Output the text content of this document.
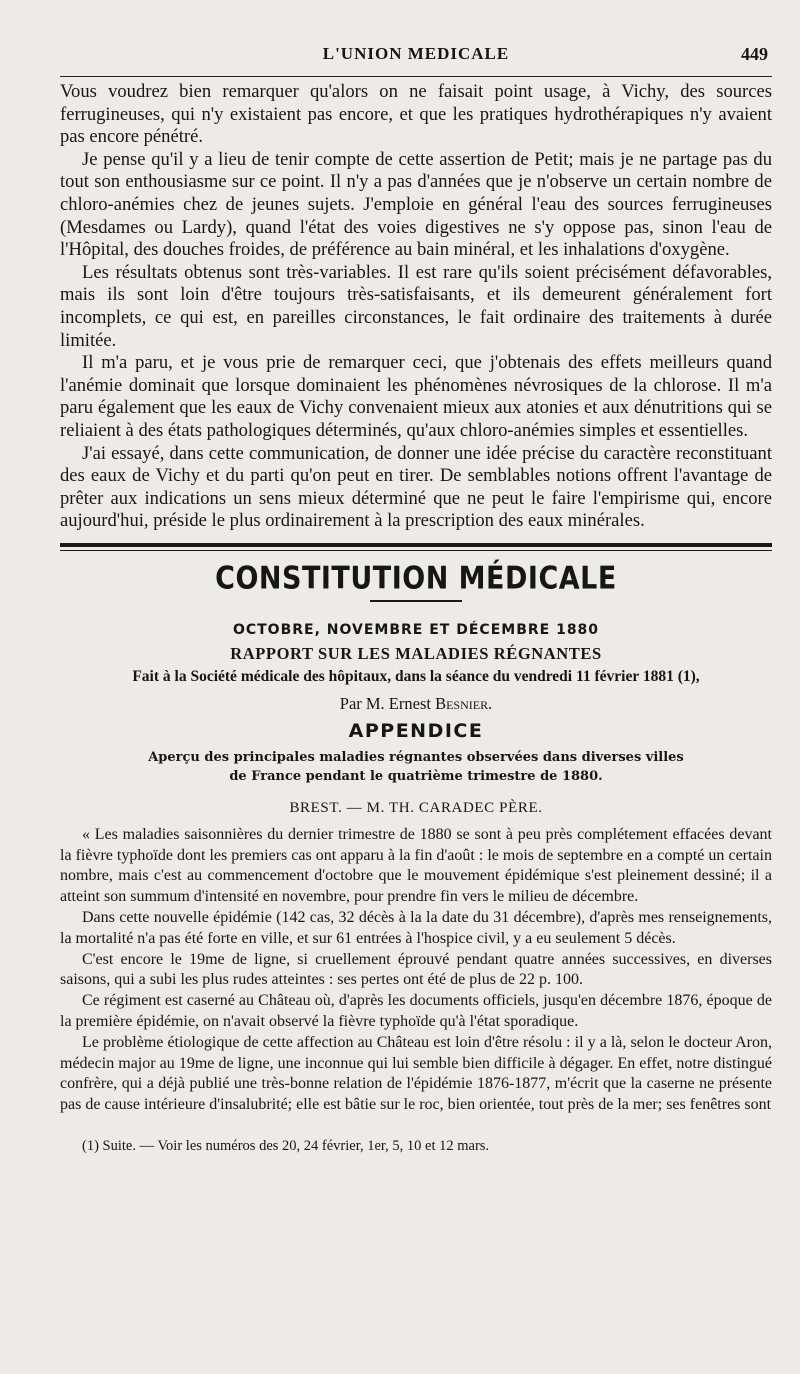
L'UNION MEDICALE	449

Vous voudrez bien remarquer qu'alors on ne faisait point usage, à Vichy, des sources ferrugineuses, qui n'y existaient pas encore, et que les pratiques hydrothérapiques n'y avaient pas encore pénétré.

Je pense qu'il y a lieu de tenir compte de cette assertion de Petit; mais je ne partage pas du tout son enthousiasme sur ce point. Il n'y a pas d'années que je n'observe un certain nombre de chloro-anémies chez de jeunes sujets. J'emploie en général l'eau des sources ferrugineuses (Mesdames ou Lardy), quand l'état des voies digestives ne s'y oppose pas, sinon l'eau de l'Hôpital, des douches froides, de préférence au bain minéral, et les inhalations d'oxygène.

Les résultats obtenus sont très-variables. Il est rare qu'ils soient précisément défavorables, mais ils sont loin d'être toujours très-satisfaisants, et ils demeurent généralement fort incomplets, ce qui est, en pareilles circonstances, le fait ordinaire des traitements à durée limitée.

Il m'a paru, et je vous prie de remarquer ceci, que j'obtenais des effets meilleurs quand l'anémie dominait que lorsque dominaient les phénomènes névrosiques de la chlorose. Il m'a paru également que les eaux de Vichy convenaient mieux aux atonies et aux dénutritions qui se reliaient à des états pathologiques déterminés, qu'aux chloro-anémies simples et essentielles.

J'ai essayé, dans cette communication, de donner une idée précise du caractère reconstituant des eaux de Vichy et du parti qu'on peut en tirer. De semblables notions offrent l'avantage de prêter aux indications un sens mieux déterminé que ne peut le faire l'empirisme qui, encore aujourd'hui, préside le plus ordinairement à la prescription des eaux minérales.

CONSTITUTION MÉDICALE
OCTOBRE, NOVEMBRE ET DÉCEMBRE 1880
RAPPORT SUR LES MALADIES RÉGNANTES
Fait à la Société médicale des hôpitaux, dans la séance du vendredi 11 février 1881 (1),
Par M. Ernest Besnier.
APPENDICE
Aperçu des principales maladies régnantes observées dans diverses villes
de France pendant le quatrième trimestre de 1880.
BREST. — M. TH. CARADEC PÈRE.

« Les maladies saisonnières du dernier trimestre de 1880 se sont à peu près complétement effacées devant la fièvre typhoïde dont les premiers cas ont apparu à la fin d'août : le mois de septembre en a compté un certain nombre, mais c'est au commencement d'octobre que le mouvement épidémique s'est pleinement dessiné; il a atteint son summum d'intensité en novembre, pour prendre fin vers le milieu de décembre.

Dans cette nouvelle épidémie (142 cas, 32 décès à la la date du 31 décembre), d'après mes renseignements, la mortalité n'a pas été forte en ville, et sur 61 entrées à l'hospice civil, y a eu seulement 5 décès.

C'est encore le 19me de ligne, si cruellement éprouvé pendant quatre années successives, en diverses saisons, qui a subi les plus rudes atteintes : ses pertes ont été de plus de 22 p. 100.

Ce régiment est caserné au Château où, d'après les documents officiels, jusqu'en décembre 1876, époque de la première épidémie, on n'avait observé la fièvre typhoïde qu'à l'état sporadique.

Le problème étiologique de cette affection au Château est loin d'être résolu : il y a là, selon le docteur Aron, médecin major au 19me de ligne, une inconnue qui lui semble bien difficile à dégager. En effet, notre distingué confrère, qui a déjà publié une très-bonne relation de l'épidémie 1876-1877, m'écrit que la caserne ne présente pas de cause intérieure d'insalubrité; elle est bâtie sur le roc, bien orientée, tout près de la mer; ses fenêtres sont

(1) Suite. — Voir les numéros des 20, 24 février, 1er, 5, 10 et 12 mars.
